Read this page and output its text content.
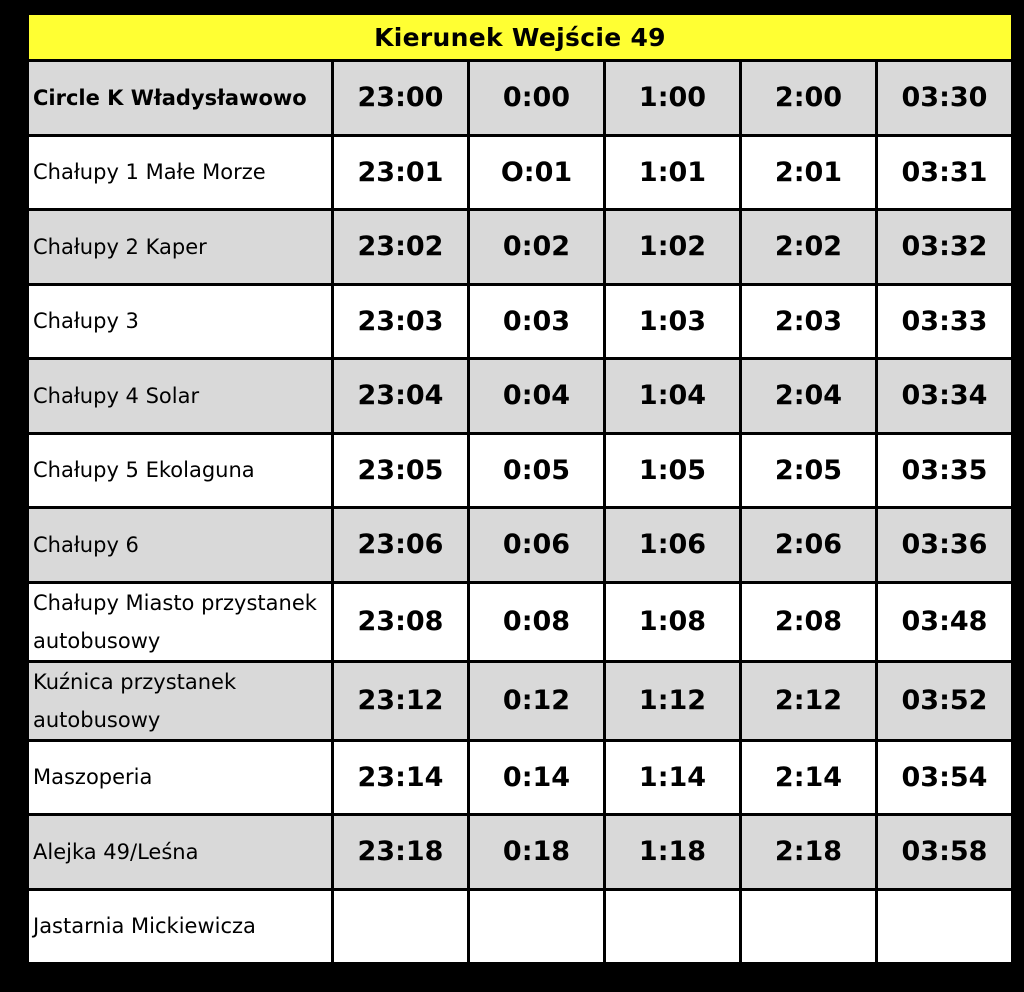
Kierunek Wejście 49					
Circle K Władysławowo	23:00	0:00	1:00	2:00	03:30
Chałupy 1 Małe Morze	23:01	O:01	1:01	2:01	03:31
Chałupy 2 Kaper	23:02	0:02	1:02	2:02	03:32
Chałupy 3	23:03	0:03	1:03	2:03	03:33
Chałupy 4 Solar	23:04	0:04	1:04	2:04	03:34
Chałupy 5 Ekolaguna	23:05	0:05	1:05	2:05	03:35
Chałupy 6	23:06	0:06	1:06	2:06	03:36
Chałupy Miasto przystanek autobusowy	23:08	0:08	1:08	2:08	03:48
Kuźnica przystanek autobusowy	23:12	0:12	1:12	2:12	03:52
Maszoperia	23:14	0:14	1:14	2:14	03:54
Alejka 49/Leśna	23:18	0:18	1:18	2:18	03:58
Jastarnia Mickiewicza					
